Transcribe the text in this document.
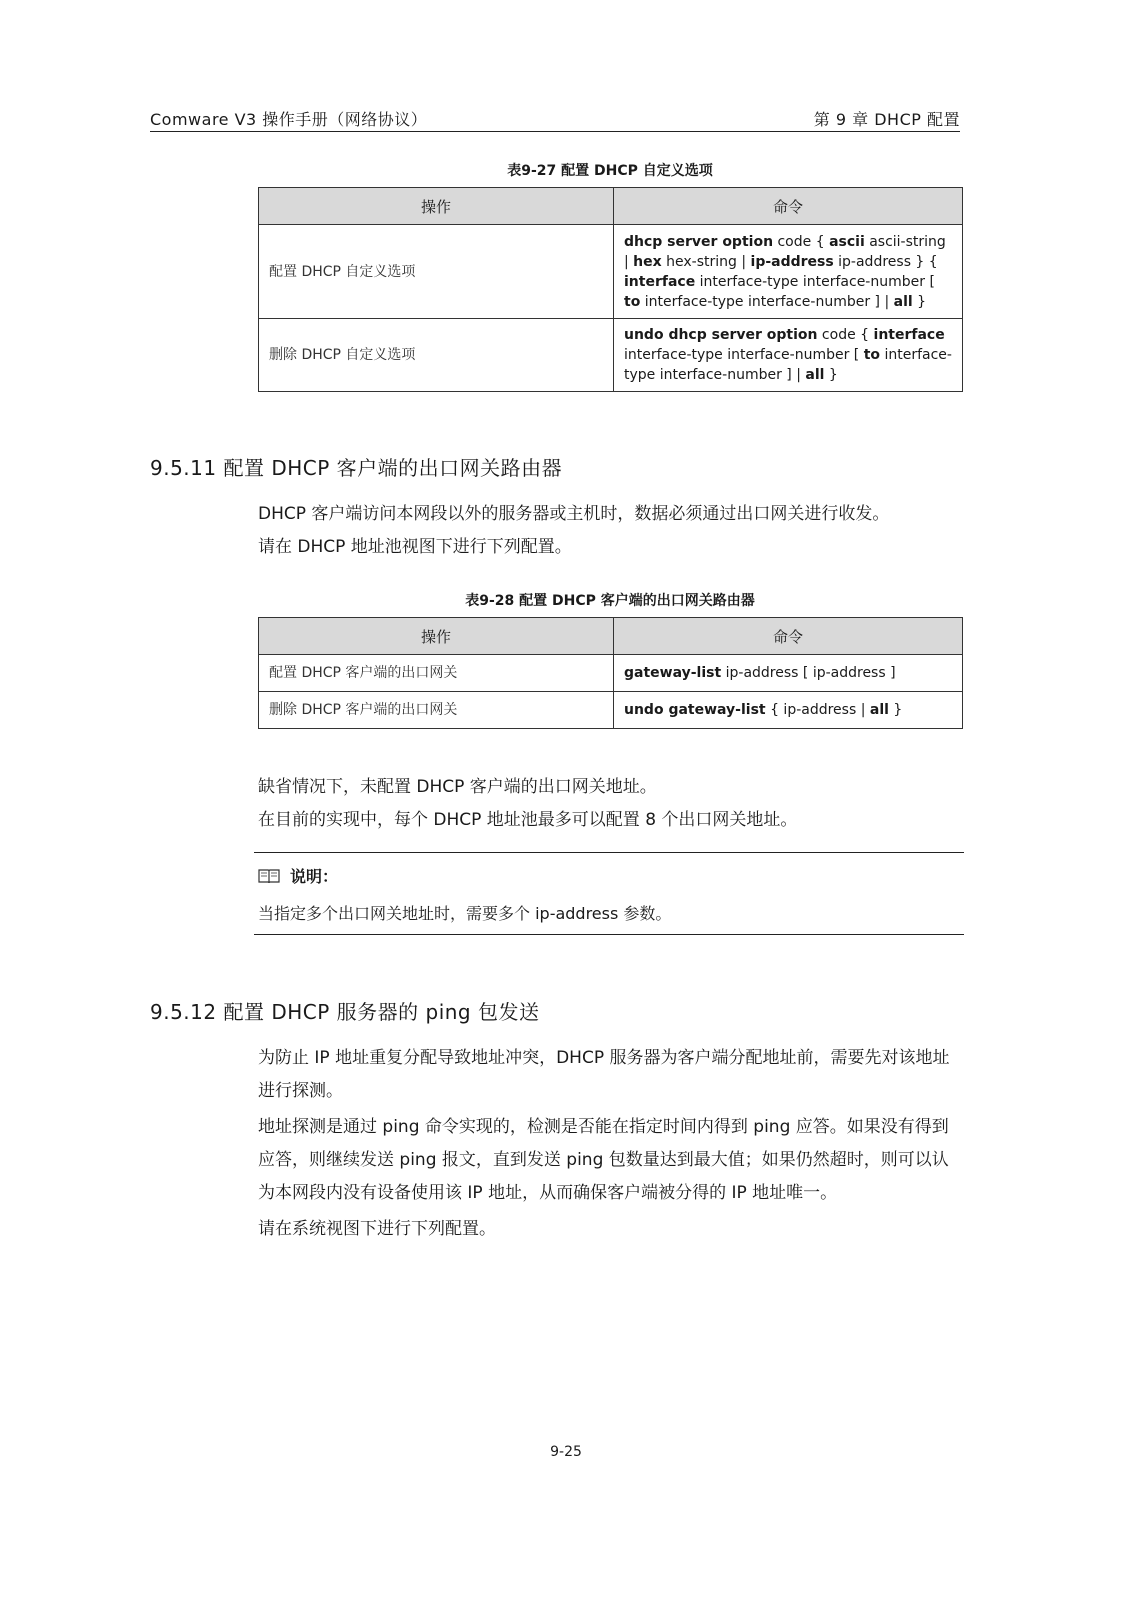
Comware V3 操作手册（网络协议）	第 9 章 DHCP 配置
表9-27 配置 DHCP 自定义选项
操作	命令
配置 DHCP 自定义选项	dhcp server option code { ascii ascii-string | hex hex-string | ip-address ip-address } { interface interface-type interface-number [ to interface-type interface-number ] | all }
删除 DHCP 自定义选项	undo dhcp server option code { interface interface-type interface-number [ to interface-type interface-number ] | all }
9.5.11 配置 DHCP 客户端的出口网关路由器

DHCP 客户端访问本网段以外的服务器或主机时，数据必须通过出口网关进行收发。

请在 DHCP 地址池视图下进行下列配置。

表9-28 配置 DHCP 客户端的出口网关路由器
操作	命令
配置 DHCP 客户端的出口网关	gateway-list ip-address [ ip-address ]
删除 DHCP 客户端的出口网关	undo gateway-list { ip-address | all }

缺省情况下，未配置 DHCP 客户端的出口网关地址。

在目前的实现中，每个 DHCP 地址池最多可以配置 8 个出口网关地址。

说明：
当指定多个出口网关地址时，需要多个 ip-address 参数。
9.5.12 配置 DHCP 服务器的 ping 包发送

为防止 IP 地址重复分配导致地址冲突，DHCP 服务器为客户端分配地址前，需要先对该地址进行探测。

地址探测是通过 ping 命令实现的，检测是否能在指定时间内得到 ping 应答。如果没有得到应答，则继续发送 ping 报文，直到发送 ping 包数量达到最大值；如果仍然超时，则可以认为本网段内没有设备使用该 IP 地址，从而确保客户端被分得的 IP 地址唯一。

请在系统视图下进行下列配置。

9-25
